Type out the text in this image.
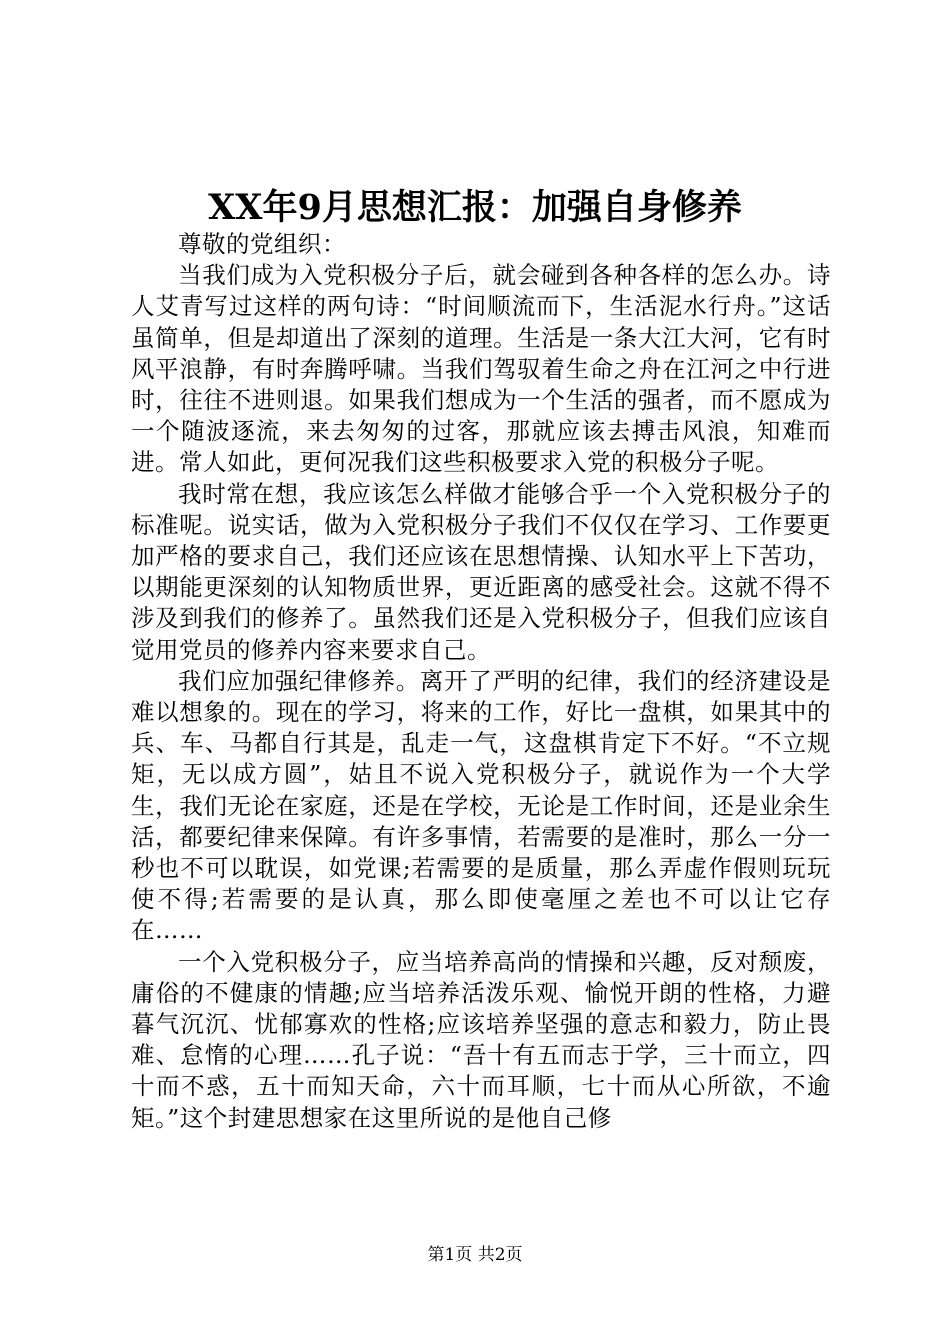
XX年9月思想汇报：加强自身修养

尊敬的党组织：

当我们成为入党积极分子后，就会碰到各种各样的怎么办。诗人艾青写过这样的两句诗：“时间顺流而下，生活泥水行舟。”这话虽简单，但是却道出了深刻的道理。生活是一条大江大河，它有时风平浪静，有时奔腾呼啸。当我们驾驭着生命之舟在江河之中行进时，往往不进则退。如果我们想成为一个生活的强者，而不愿成为一个随波逐流，来去匆匆的过客，那就应该去搏击风浪，知难而进。常人如此，更何况我们这些积极要求入党的积极分子呢。

我时常在想，我应该怎么样做才能够合乎一个入党积极分子的标准呢。说实话，做为入党积极分子我们不仅仅在学习、工作要更加严格的要求自己，我们还应该在思想情操、认知水平上下苦功，以期能更深刻的认知物质世界，更近距离的感受社会。这就不得不涉及到我们的修养了。虽然我们还是入党积极分子，但我们应该自觉用党员的修养内容来要求自己。

我们应加强纪律修养。离开了严明的纪律，我们的经济建设是难以想象的。现在的学习，将来的工作，好比一盘棋，如果其中的兵、车、马都自行其是，乱走一气，这盘棋肯定下不好。“不立规矩，无以成方圆”，姑且不说入党积极分子，就说作为一个大学生，我们无论在家庭，还是在学校，无论是工作时间，还是业余生活，都要纪律来保障。有许多事情，若需要的是准时，那么一分一秒也不可以耽误，如党课;若需要的是质量，那么弄虚作假则玩玩使不得;若需要的是认真，那么即使毫厘之差也不可以让它存在……

一个入党积极分子，应当培养高尚的情操和兴趣，反对颓废，庸俗的不健康的情趣;应当培养活泼乐观、愉悦开朗的性格，力避暮气沉沉、忧郁寡欢的性格;应该培养坚强的意志和毅力，防止畏难、怠惰的心理……孔子说：“吾十有五而志于学，三十而立，四十而不惑，五十而知天命，六十而耳顺，七十而从心所欲，不逾矩。”这个封建思想家在这里所说的是他自己修

第1页 共2页
